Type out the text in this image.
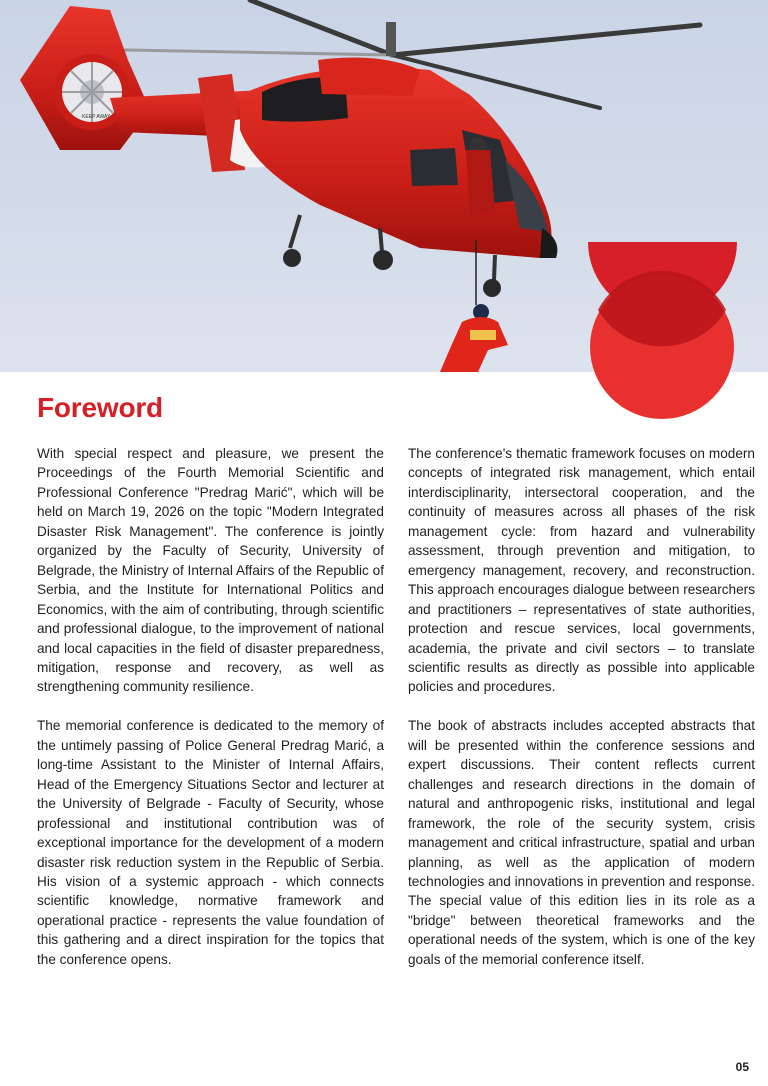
KEEP AWAY
Foreword

With special respect and pleasure, we present the Proceedings of the Fourth Memorial Scientific and Professional Conference "Predrag Marić", which will be held on March 19, 2026 on the topic "Modern Integrated Disaster Risk Management". The conference is jointly organized by the Faculty of Security, University of Belgrade, the Ministry of Internal Affairs of the Republic of Serbia, and the Institute for International Politics and Economics, with the aim of contributing, through scientific and professional dialogue, to the improvement of national and local capacities in the field of disaster preparedness, mitigation, response and recovery, as well as strengthening community resilience.

The memorial conference is dedicated to the memory of the untimely passing of Police General Predrag Marić, a long-time Assistant to the Minister of Internal Affairs, Head of the Emergency Situations Sector and lecturer at the University of Belgrade - Faculty of Security, whose professional and institutional contribution was of exceptional importance for the development of a modern disaster risk reduction system in the Republic of Serbia. His vision of a systemic approach - which connects scientific knowledge, normative framework and operational practice - represents the value foundation of this gathering and a direct inspiration for the topics that the conference opens.

The conference's thematic framework focuses on modern concepts of integrated risk management, which entail interdisciplinarity, intersectoral cooperation, and the continuity of measures across all phases of the risk management cycle: from hazard and vulnerability assessment, through prevention and mitigation, to emergency management, recovery, and reconstruction. This approach encourages dialogue between researchers and practitioners – representatives of state authorities, protection and rescue services, local governments, academia, the private and civil sectors – to translate scientific results as directly as possible into applicable policies and procedures.

The book of abstracts includes accepted abstracts that will be presented within the conference sessions and expert discussions. Their content reflects current challenges and research directions in the domain of natural and anthropogenic risks, institutional and legal framework, the role of the security system, crisis management and critical infrastructure, spatial and urban planning, as well as the application of modern technologies and innovations in prevention and response. The special value of this edition lies in its role as a "bridge" between theoretical frameworks and the operational needs of the system, which is one of the key goals of the memorial conference itself.

05
